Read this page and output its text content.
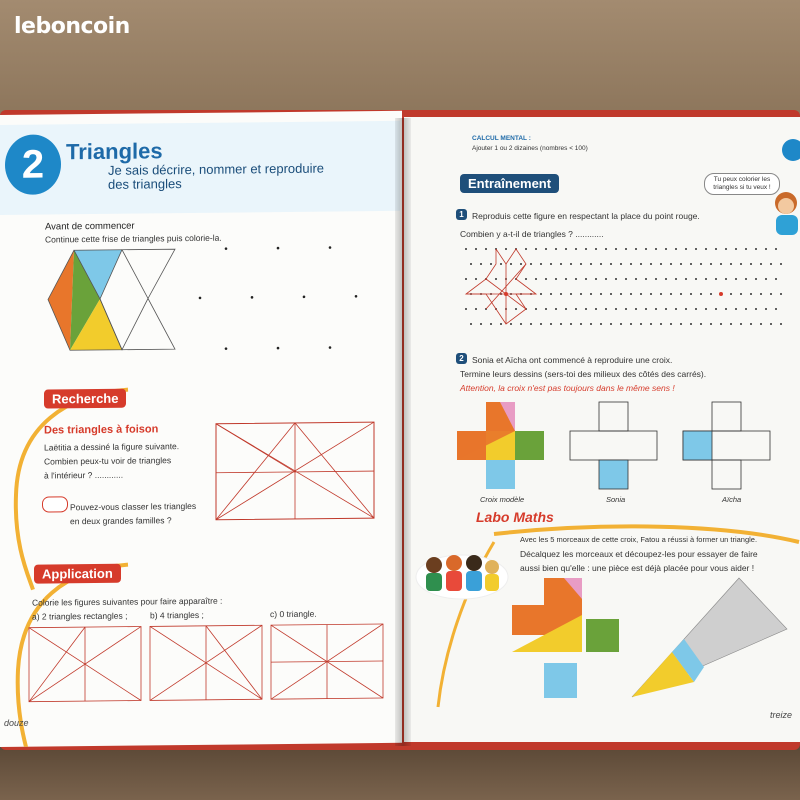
2 Triangles
Je sais décrire, nommer et reproduire des triangles
Avant de commencer
Continue cette frise de triangles puis colorie-la.
Recherche
Des triangles à foison
Laëtitia a dessiné la figure suivante.
Combien peux-tu voir de triangles
à l'intérieur ? ............
Pouvez-vous classer les triangles
en deux grandes familles ?
Application
Colorie les figures suivantes pour faire apparaître :
a) 2 triangles rectangles ;	b) 4 triangles ;	c) 0 triangle.
douze
CALCUL MENTAL :
Ajouter 1 ou 2 dizaines (nombres < 100)
Entraînement	Tu peux colorier les triangles si tu veux !
1 Reproduis cette figure en respectant la place du point rouge.
Combien y a-t-il de triangles ? ............
2 Sonia et Aïcha ont commencé à reproduire une croix.
Termine leurs dessins (sers-toi des milieux des côtés des carrés).
Attention, la croix n'est pas toujours dans le même sens !
Croix modèle	Sonia	Aïcha
Labo Maths
Avec les 5 morceaux de cette croix, Fatou a réussi à former un triangle.
Décalquez les morceaux et découpez-les pour essayer de faire
aussi bien qu'elle : une pièce est déjà placée pour vous aider !
treize
leboncoin
